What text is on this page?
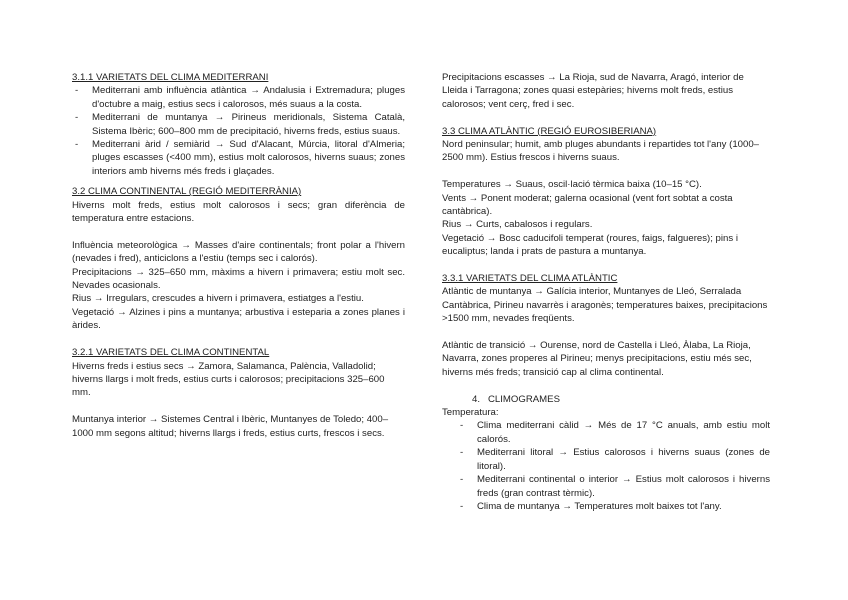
3.1.1 VARIETATS DEL CLIMA MEDITERRANI

- Mediterrani amb influència atlàntica → Andalusia i Extremadura; pluges d'octubre a maig, estius secs i calorosos, més suaus a la costa.
- Mediterrani de muntanya → Pirineus meridionals, Sistema Català, Sistema Ibèric; 600–800 mm de precipitació, hiverns freds, estius suaus.
- Mediterrani àrid / semiàrid → Sud d'Alacant, Múrcia, litoral d'Almeria; pluges escasses (<400 mm), estius molt calorosos, hiverns suaus; zones interiors amb hiverns més freds i glaçades.

3.2 CLIMA CONTINENTAL (REGIÓ MEDITERRÀNIA)

Hiverns molt freds, estius molt calorosos i secs; gran diferència de temperatura entre estacions.

Influència meteorològica → Masses d'aire continentals; front polar a l'hivern (nevades i fred), anticiclons a l'estiu (temps sec i calorós).

Precipitacions → 325–650 mm, màxims a hivern i primavera; estiu molt sec. Nevades ocasionals.

Rius → Irregulars, crescudes a hivern i primavera, estiatges a l'estiu.

Vegetació → Alzines i pins a muntanya; arbustiva i esteparia a zones planes i àrides.

3.2.1 VARIETATS DEL CLIMA CONTINENTAL

Hiverns freds i estius secs → Zamora, Salamanca, Palència, Valladolid; hiverns llargs i molt freds, estius curts i calorosos; precipitacions 325–600 mm.

Muntanya interior → Sistemes Central i Ibèric, Muntanyes de Toledo; 400–1000 mm segons altitud; hiverns llargs i freds, estius curts, frescos i secs.

Precipitacions escasses → La Rioja, sud de Navarra, Aragó, interior de Lleida i Tarragona; zones quasi estepàries; hiverns molt freds, estius calorosos; vent cerç, fred i sec.

3.3 CLIMA ATLÀNTIC (REGIÓ EUROSIBERIANA)

Nord peninsular; humit, amb pluges abundants i repartides tot l'any (1000–2500 mm). Estius frescos i hiverns suaus.

Temperatures → Suaus, oscil·lació tèrmica baixa (10–15 °C).

Vents → Ponent moderat; galerna ocasional (vent fort sobtat a costa cantàbrica).

Rius → Curts, cabalosos i regulars.

Vegetació → Bosc caducifoli temperat (roures, faigs, falgueres); pins i eucaliptus; landa i prats de pastura a muntanya.

3.3.1 VARIETATS DEL CLIMA ATLÀNTIC

Atlàntic de muntanya → Galícia interior, Muntanyes de Lleó, Serralada Cantàbrica, Pirineu navarrès i aragonès; temperatures baixes, precipitacions >1500 mm, nevades freqüents.

Atlàntic de transició → Ourense, nord de Castella i Lleó, Àlaba, La Rioja, Navarra, zones properes al Pirineu; menys precipitacions, estiu més sec, hiverns més freds; transició cap al clima continental.

4. CLIMOGRAMES

Temperatura:

- Clima mediterrani càlid → Més de 17 °C anuals, amb estiu molt calorós.
- Mediterrani litoral → Estius calorosos i hiverns suaus (zones de litoral).
- Mediterrani continental o interior → Estius molt calorosos i hiverns freds (gran contrast tèrmic).
- Clima de muntanya → Temperatures molt baixes tot l'any.
